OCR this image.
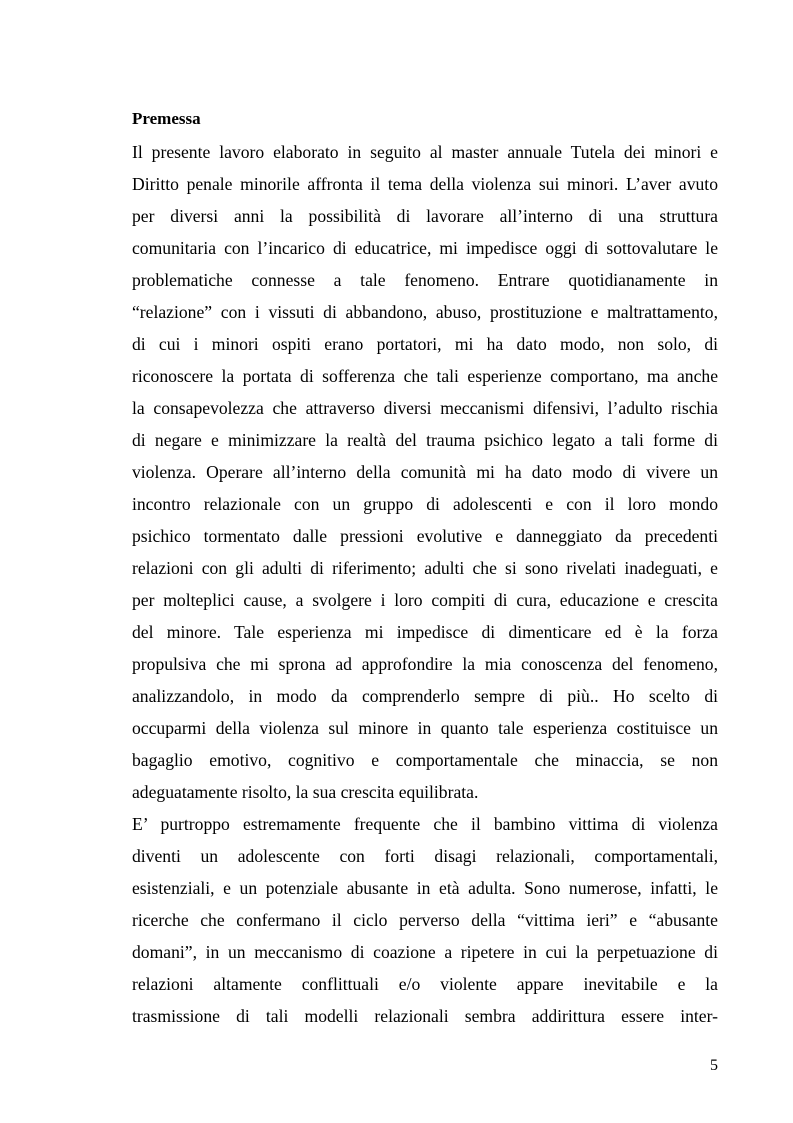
Premessa

Il presente lavoro elaborato in seguito al master annuale Tutela dei minori e

Diritto penale minorile affronta il tema della violenza sui minori. L’aver avuto

per diversi anni la possibilità di lavorare all’interno di una struttura

comunitaria con l’incarico di educatrice, mi impedisce oggi di sottovalutare le

problematiche connesse a tale fenomeno. Entrare quotidianamente in

“relazione” con i vissuti di abbandono, abuso, prostituzione e maltrattamento,

di cui i minori ospiti erano portatori, mi ha dato modo, non solo, di

riconoscere la portata di sofferenza che tali esperienze comportano, ma anche

la consapevolezza che attraverso diversi meccanismi difensivi, l’adulto rischia

di negare e minimizzare la realtà del trauma psichico legato a tali forme di

violenza. Operare all’interno della comunità mi ha dato modo di vivere un

incontro relazionale con un gruppo di adolescenti e con il loro mondo

psichico tormentato dalle pressioni evolutive e danneggiato da precedenti

relazioni con gli adulti di riferimento; adulti che si sono rivelati inadeguati, e

per molteplici cause, a svolgere i loro compiti di cura, educazione e crescita

del minore. Tale esperienza mi impedisce di dimenticare ed è la forza

propulsiva che mi sprona ad approfondire la mia conoscenza del fenomeno,

analizzandolo, in modo da comprenderlo sempre di più.. Ho scelto di

occuparmi della violenza sul minore in quanto tale esperienza costituisce un

bagaglio emotivo, cognitivo e comportamentale che minaccia, se non

adeguatamente risolto, la sua crescita equilibrata.

E’ purtroppo estremamente frequente che il bambino vittima di violenza

diventi un adolescente con forti disagi relazionali, comportamentali,

esistenziali, e un potenziale abusante in età adulta. Sono numerose, infatti, le

ricerche che confermano il ciclo perverso della “vittima ieri” e “abusante

domani”, in un meccanismo di coazione a ripetere in cui la perpetuazione di

relazioni altamente conflittuali e/o violente appare inevitabile e la

trasmissione di tali modelli relazionali sembra addirittura essere inter-

5
